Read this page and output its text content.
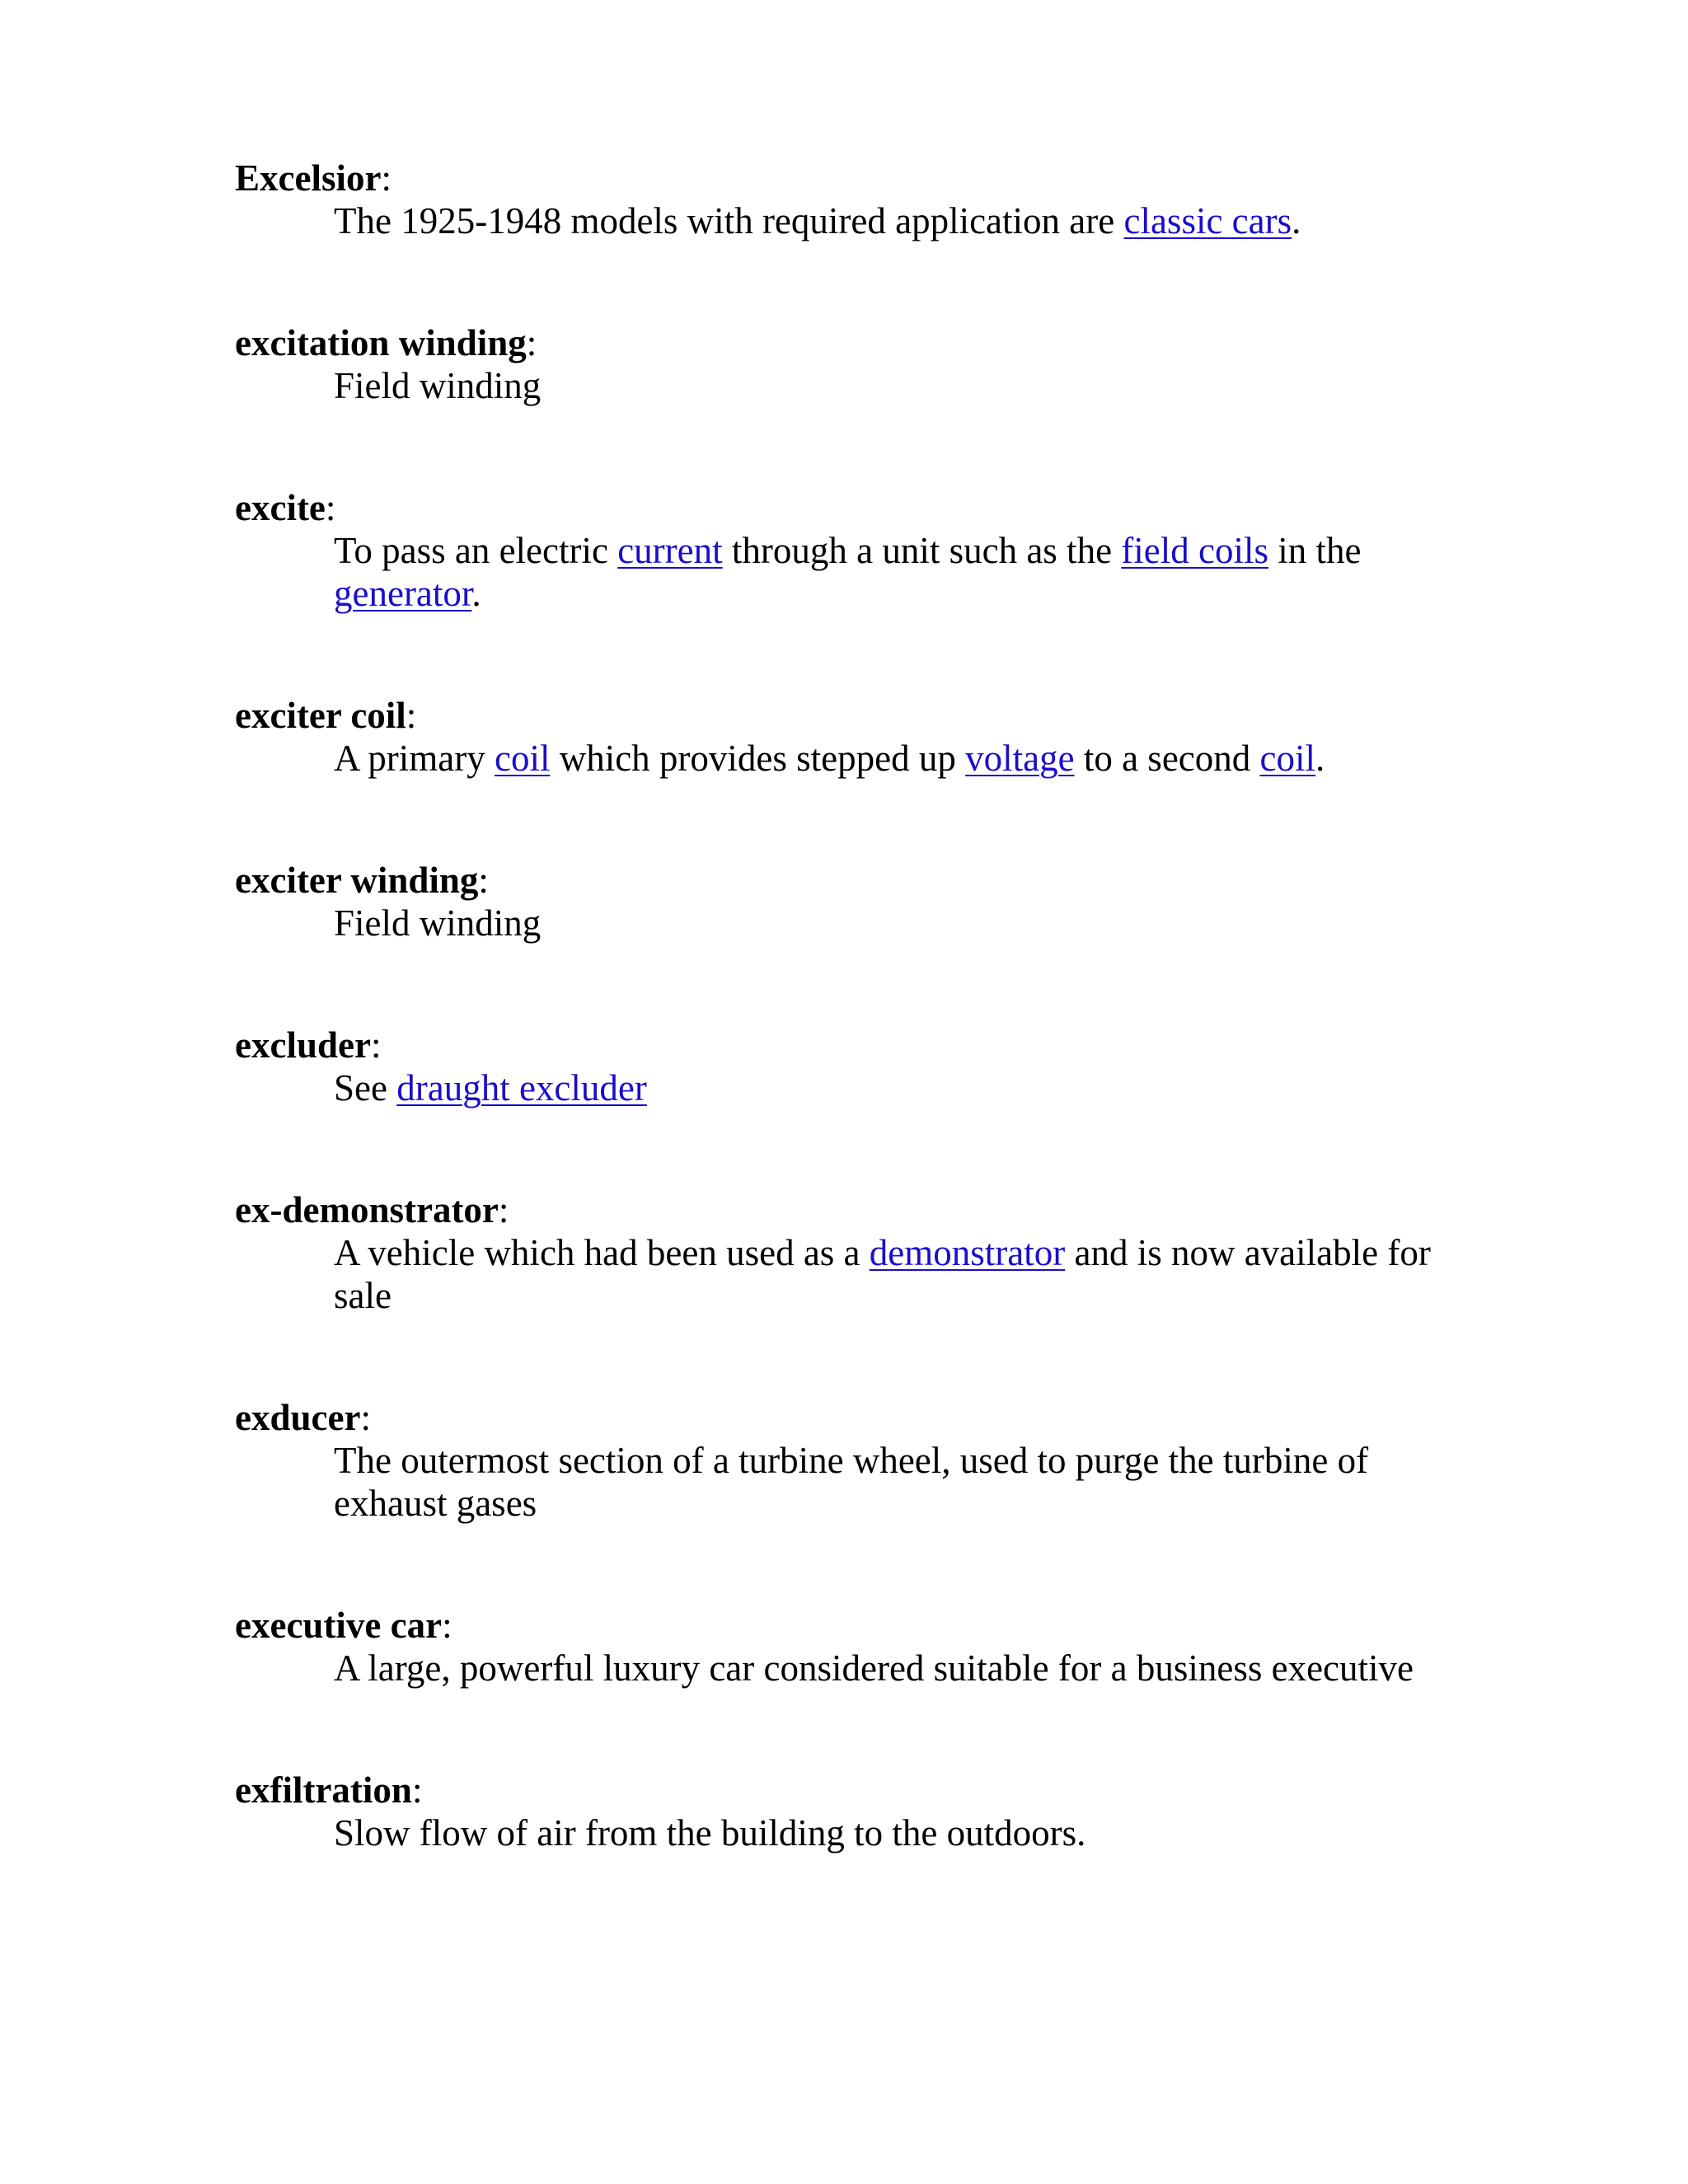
Excelsior:
The 1925-1948 models with required application are classic cars.
excitation winding:
Field winding
excite:
To pass an electric current through a unit such as the field coils in the
generator.
exciter coil:
A primary coil which provides stepped up voltage to a second coil.
exciter winding:
Field winding
excluder:
See draught excluder
ex-demonstrator:
A vehicle which had been used as a demonstrator and is now available for sale
exducer:
The outermost section of a turbine wheel, used to purge the turbine of exhaust gases
executive car:
A large, powerful luxury car considered suitable for a business executive
exfiltration:
Slow flow of air from the building to the outdoors.
